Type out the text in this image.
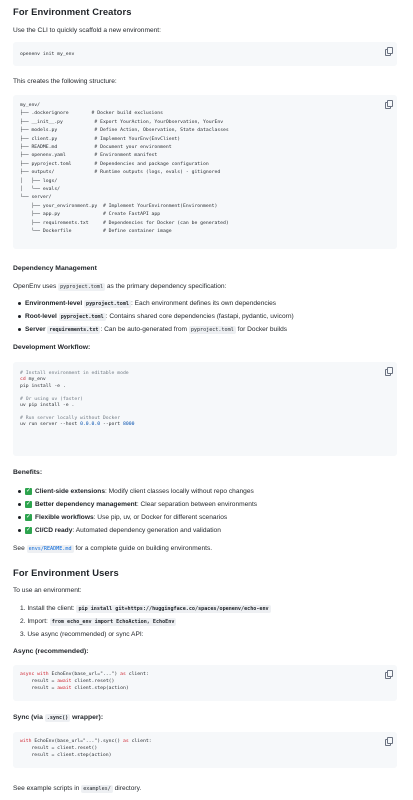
For Environment Creators
Use the CLI to quickly scaffold a new environment:
openenv init my_env
This creates the following structure:
my_env/
├── .dockerignore        # Docker build exclusions
├── __init__.py           # Export YourAction, YourObservation, YourEnv
├── models.py             # Define Action, Observation, State dataclasses
├── client.py             # Implement YourEnv(EnvClient)
├── README.md             # Document your environment
├── openenv.yaml          # Environment manifest
├── pyproject.toml        # Dependencies and package configuration
├── outputs/              # Runtime outputs (logs, evals) - gitignored
│   ├── logs/
│   └── evals/
└── server/
├── your_environment.py  # Implement YourEnvironment(Environment)
├── app.py               # Create FastAPI app
├── requirements.txt     # Dependencies for Docker (can be generated)
└── Dockerfile           # Define container image
Dependency Management
OpenEnv uses pyproject.toml as the primary dependency specification:
Environment-level pyproject.toml : Each environment defines its own dependencies
Root-level pyproject.toml : Contains shared core dependencies (fastapi, pydantic, uvicorn)
Server requirements.txt : Can be auto-generated from pyproject.toml for Docker builds
Development Workflow:
# Install environment in editable mode
cd my_env
pip install -e .

# Or using uv (faster)
uv pip install -e .

# Run server locally without Docker
uv run server --host 0.0.0.0 --port 8000
Benefits:
✓ Client-side extensions: Modify client classes locally without repo changes
✓ Better dependency management: Clear separation between environments
✓ Flexible workflows: Use pip, uv, or Docker for different scenarios
✓ CI/CD ready: Automated dependency generation and validation
See envs/README.md for a complete guide on building environments.
For Environment Users
To use an environment:
1. Install the client: pip install git+https://huggingface.co/spaces/openenv/echo-env
2. Import: from echo_env import EchoAction, EchoEnv
3. Use async (recommended) or sync API:
Async (recommended):
async with EchoEnv(base_url="...") as client:
result = await client.reset()
result = await client.step(action)
Sync (via .sync() wrapper):
with EchoEnv(base_url="...").sync() as client:
result = client.reset()
result = client.step(action)
See example scripts in examples/ directory.
